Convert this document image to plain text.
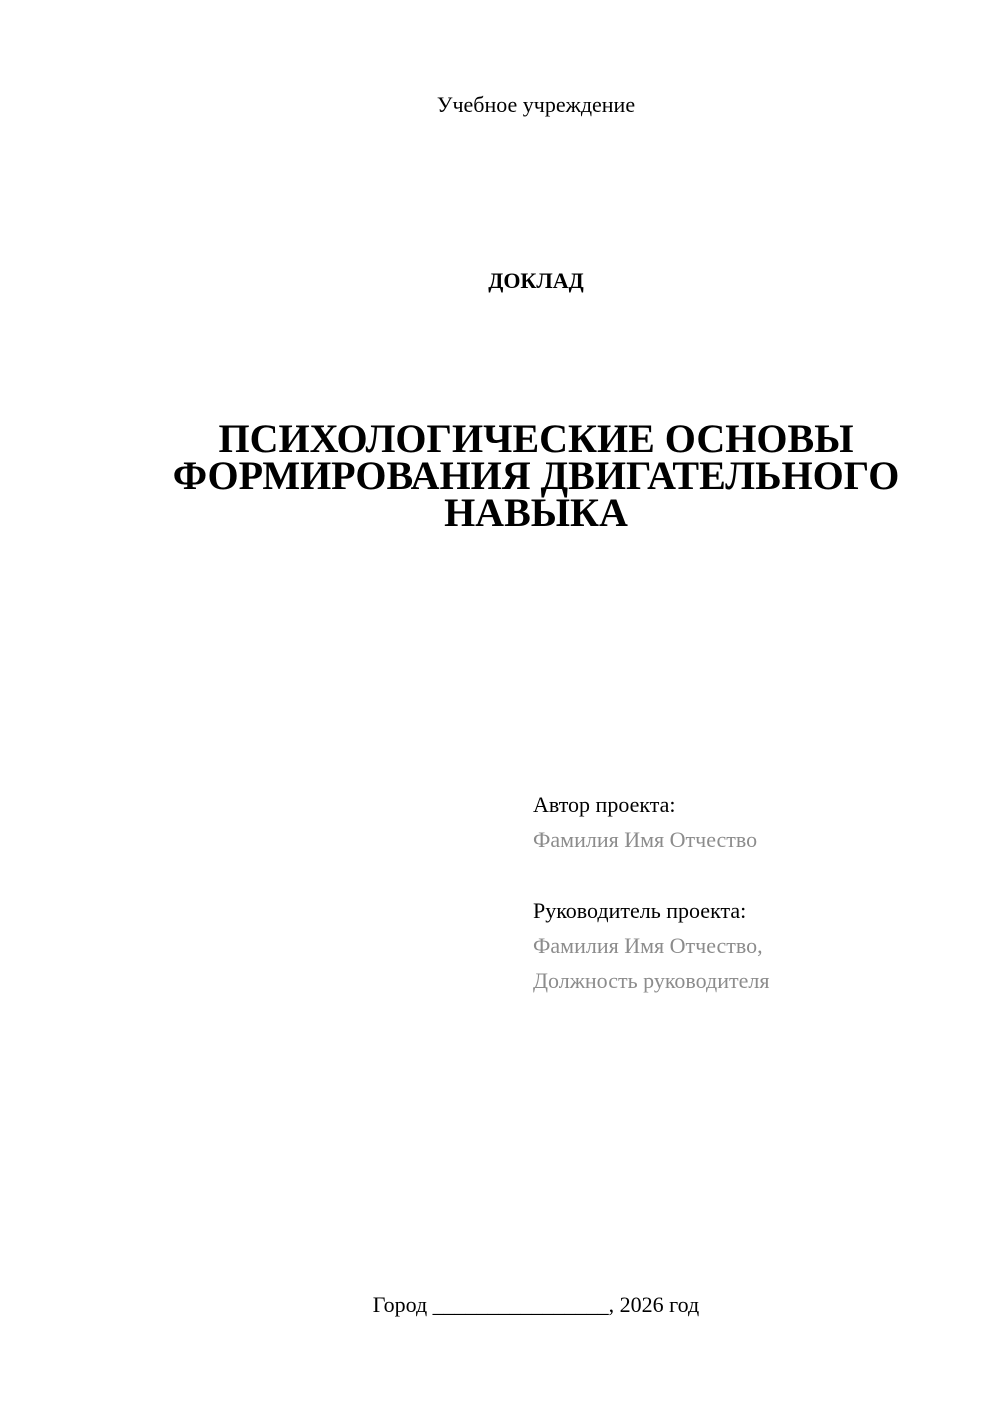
Учебное учреждение
ДОКЛАД
ПСИХОЛОГИЧЕСКИЕ ОСНОВЫ
ФОРМИРОВАНИЯ ДВИГАТЕЛЬНОГО
НАВЫКА
Автор проекта:
Фамилия Имя Отчество
Руководитель проекта:
Фамилия Имя Отчество,
Должность руководителя
Город ________________, 2026 год
